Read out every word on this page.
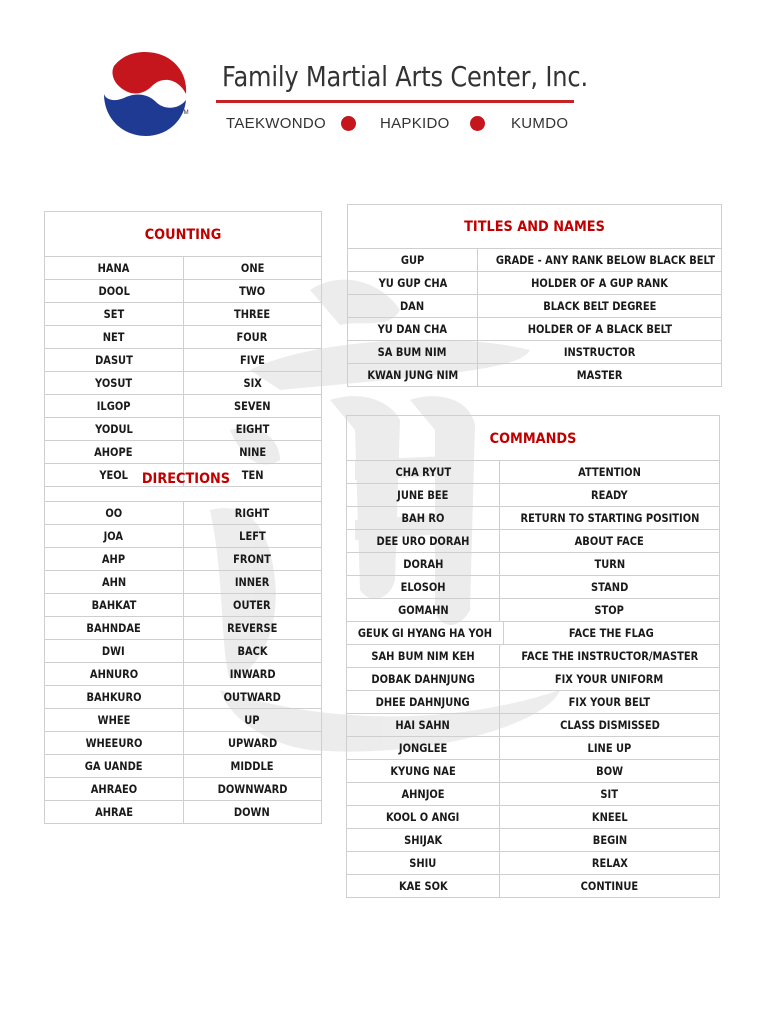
TM
Family Martial Arts Center, Inc.
TAEKWONDO	HAPKIDO	KUMDO
COUNTING
HANA	ONE
DOOL	TWO
SET	THREE
NET	FOUR
DASUT	FIVE
YOSUT	SIX
ILGOP	SEVEN
YODUL	EIGHT
AHOPE	NINE
YEOL	TEN
OO	RIGHT
JOA	LEFT
AHP	FRONT
AHN	INNER
BAHKAT	OUTER
BAHNDAE	REVERSE
DWI	BACK
AHNURO	INWARD
BAHKURO	OUTWARD
WHEE	UP
WHEEURO	UPWARD
GA UANDE	MIDDLE
AHRAEO	DOWNWARD
AHRAE	DOWN
DIRECTIONS
TITLES AND NAMES
GUP	GRADE - ANY RANK BELOW BLACK BELT
YU GUP CHA	HOLDER OF A GUP RANK
DAN	BLACK BELT DEGREE
YU DAN CHA	HOLDER OF A BLACK BELT
SA BUM NIM	INSTRUCTOR
KWAN JUNG NIM	MASTER
COMMANDS
CHA RYUT	ATTENTION
JUNE BEE	READY
BAH RO	RETURN TO STARTING POSITION
DEE URO DORAH	ABOUT FACE
DORAH	TURN
ELOSOH	STAND
GOMAHN	STOP
GEUK GI HYANG HA YOH	FACE THE FLAG
SAH BUM NIM KEH	FACE THE INSTRUCTOR/MASTER
DOBAK DAHNJUNG	FIX YOUR UNIFORM
DHEE DAHNJUNG	FIX YOUR BELT
HAI SAHN	CLASS DISMISSED
JONGLEE	LINE UP
KYUNG NAE	BOW
AHNJOE	SIT
KOOL O ANGI	KNEEL
SHIJAK	BEGIN
SHIU	RELAX
KAE SOK	CONTINUE
